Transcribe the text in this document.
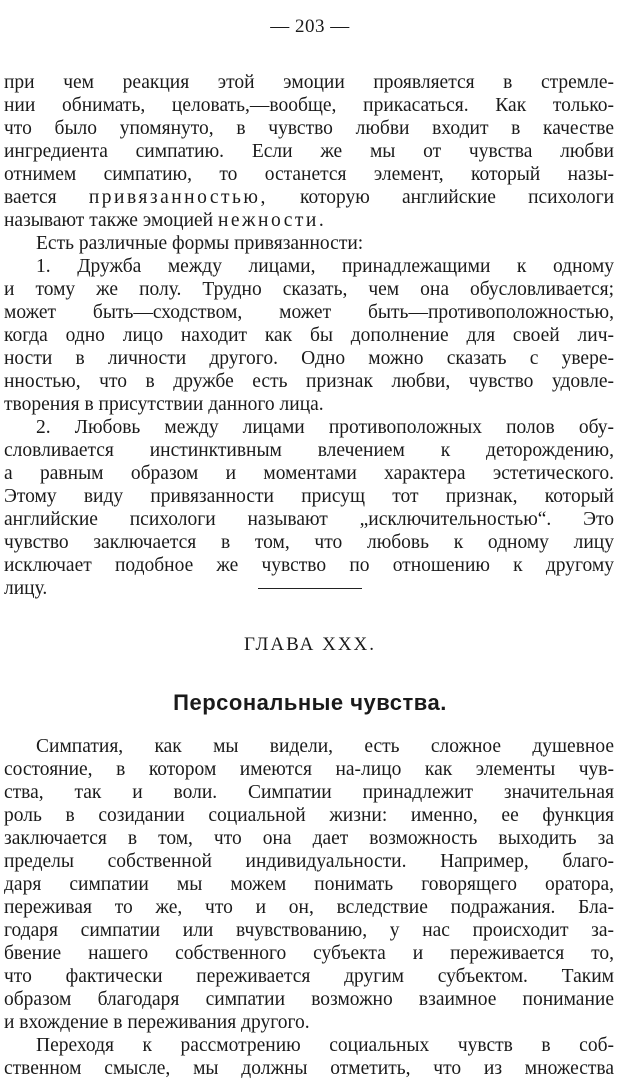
— 203 —
при чем реакция этой эмоции проявляется в стремле-
нии обнимать, целовать,—вообще, прикасаться. Как только-
что было упомянуто, в чувство любви входит в качестве
ингредиента симпатию. Если же мы от чувства любви
отнимем симпатию, то останется элемент, который назы-
вается привязанностью, которую английские психологи
называют также эмоцией нежности.
Есть различные формы привязанности:
1. Дружба между лицами, принадлежащими к одному
и тому же полу. Трудно сказать, чем она обусловливается;
может быть—сходством, может быть—противоположностью,
когда одно лицо находит как бы дополнение для своей лич-
ности в личности другого. Одно можно сказать с увере-
нностью, что в дружбе есть признак любви, чувство удовле-
творения в присутствии данного лица.
2. Любовь между лицами противоположных полов обу-
словливается инстинктивным влечением к деторождению,
а равным образом и моментами характера эстетического.
Этому виду привязанности присущ тот признак, который
английские психологи называют „исключительностью“. Это
чувство заключается в том, что любовь к одному лицу
исключает подобное же чувство по отношению к другому
лицу.
ГЛАВА XXX.
Персональные чувства.
Симпатия, как мы видели, есть сложное душевное
состояние, в котором имеются на-лицо как элементы чув-
ства, так и воли. Симпатии принадлежит значительная
роль в созидании социальной жизни: именно, ее функция
заключается в том, что она дает возможность выходить за
пределы собственной индивидуальности. Например, благо-
даря симпатии мы можем понимать говорящего оратора,
переживая то же, что и он, вследствие подражания. Бла-
годаря симпатии или вчувствованию, у нас происходит за-
бвение нашего собственного субъекта и переживается то,
что фактически переживается другим субъектом. Таким
образом благодаря симпатии возможно взаимное понимание
и вхождение в переживания другого.
Переходя к рассмотрению социальных чувств в соб-
ственном смысле, мы должны отметить, что из множества
